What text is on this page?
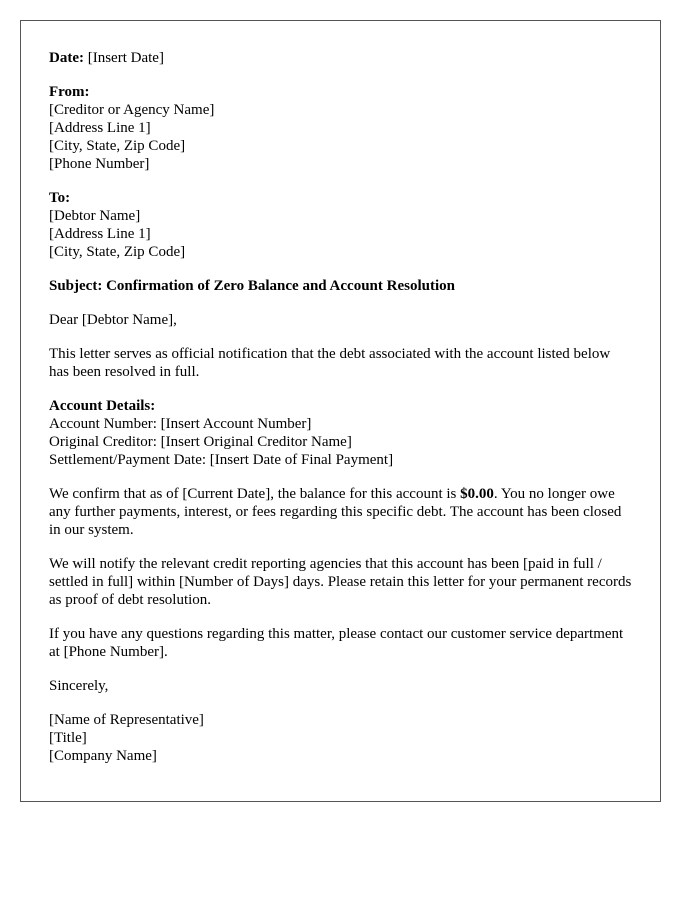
Date: [Insert Date]

From:
[Creditor or Agency Name]
[Address Line 1]
[City, State, Zip Code]
[Phone Number]

To:
[Debtor Name]
[Address Line 1]
[City, State, Zip Code]

Subject: Confirmation of Zero Balance and Account Resolution

Dear [Debtor Name],

This letter serves as official notification that the debt associated with the account listed below has been resolved in full.

Account Details:
Account Number: [Insert Account Number]
Original Creditor: [Insert Original Creditor Name]
Settlement/Payment Date: [Insert Date of Final Payment]

We confirm that as of [Current Date], the balance for this account is $0.00. You no longer owe any further payments, interest, or fees regarding this specific debt. The account has been closed in our system.

We will notify the relevant credit reporting agencies that this account has been [paid in full / settled in full] within [Number of Days] days. Please retain this letter for your permanent records as proof of debt resolution.

If you have any questions regarding this matter, please contact our customer service department at [Phone Number].

Sincerely,

[Name of Representative]
[Title]
[Company Name]
